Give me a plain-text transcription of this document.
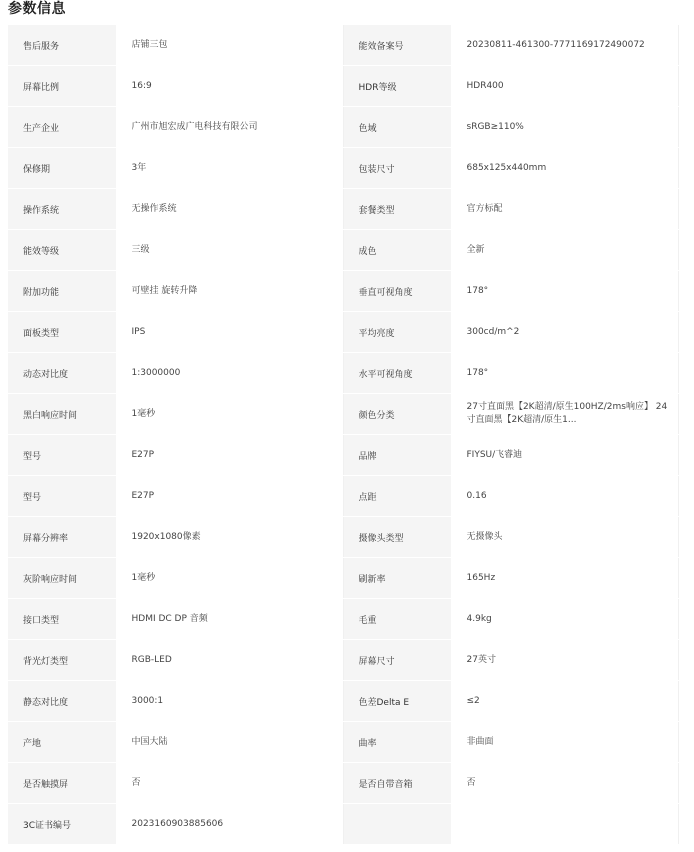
参数信息
售后服务	店铺三包	能效备案号	20230811-461300-7771169172490072

屏幕比例	16:9	HDR等级	HDR400

生产企业	广州市旭宏成广电科技有限公司	色域	sRGB≥110%

保修期	3年	包装尺寸	685x125x440mm

操作系统	无操作系统	套餐类型	官方标配

能效等级	三级	成色	全新

附加功能	可壁挂 旋转升降	垂直可视角度	178°

面板类型	IPS	平均亮度	300cd/m^2

动态对比度	1:3000000	水平可视角度	178°

黑白响应时间	1毫秒	颜色分类	27寸直面黑【2K超清/原生100HZ/2ms响应】 24寸直面黑【2K超清/原生1...

型号	E27P	品牌	FIYSU/飞睿迪

型号	E27P	点距	0.16

屏幕分辨率	1920x1080像素	摄像头类型	无摄像头

灰阶响应时间	1毫秒	刷新率	165Hz

接口类型	HDMI DC DP 音频	毛重	4.9kg

背光灯类型	RGB-LED	屏幕尺寸	27英寸

静态对比度	3000:1	色差Delta E	≤2

产地	中国大陆	曲率	非曲面

是否触摸屏	否	是否自带音箱	否

3C证书编号	2023160903885606		
